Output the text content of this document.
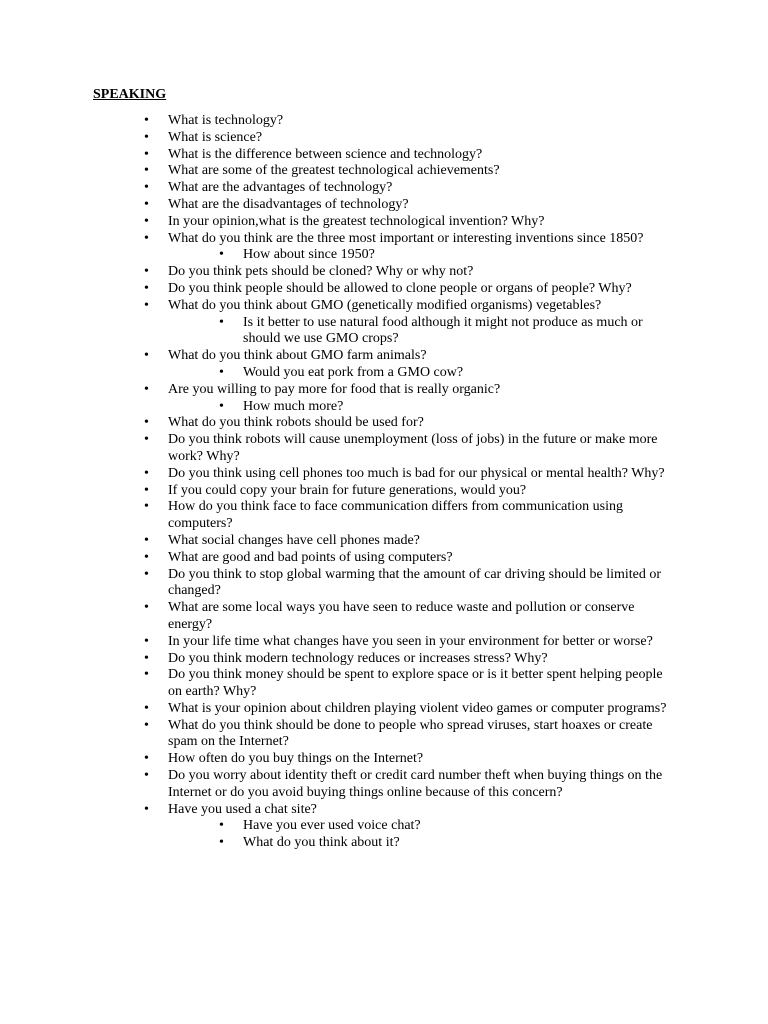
SPEAKING
• What is technology?
• What is science?
• What is the difference between science and technology?
• What are some of the greatest technological achievements?
• What are the advantages of technology?
• What are the disadvantages of technology?
• In your opinion,what is the greatest technological invention? Why?
• What do you think are the three most important or interesting inventions since 1850?
• How about since 1950?
• Do you think pets should be cloned? Why or why not?
• Do you think people should be allowed to clone people or organs of people? Why?
• What do you think about GMO (genetically modified organisms) vegetables?
• Is it better to use natural food although it might not produce as much or should we use GMO crops?
• What do you think about GMO farm animals?
• Would you eat pork from a GMO cow?
• Are you willing to pay more for food that is really organic?
• How much more?
• What do you think robots should be used for?
• Do you think robots will cause unemployment (loss of jobs) in the future or make more work? Why?
• Do you think using cell phones too much is bad for our physical or mental health? Why?
• If you could copy your brain for future generations, would you?
• How do you think face to face communication differs from communication using computers?
• What social changes have cell phones made?
• What are good and bad points of using computers?
• Do you think to stop global warming that the amount of car driving should be limited or changed?
• What are some local ways you have seen to reduce waste and pollution or conserve energy?
• In your life time what changes have you seen in your environment for better or worse?
• Do you think modern technology reduces or increases stress? Why?
• Do you think money should be spent to explore space or is it better spent helping people on earth? Why?
• What is your opinion about children playing violent video games or computer programs?
• What do you think should be done to people who spread viruses, start hoaxes or create spam on the Internet?
• How often do you buy things on the Internet?
• Do you worry about identity theft or credit card number theft when buying things on the Internet or do you avoid buying things online because of this concern?
• Have you used a chat site?
• Have you ever used voice chat?
• What do you think about it?
